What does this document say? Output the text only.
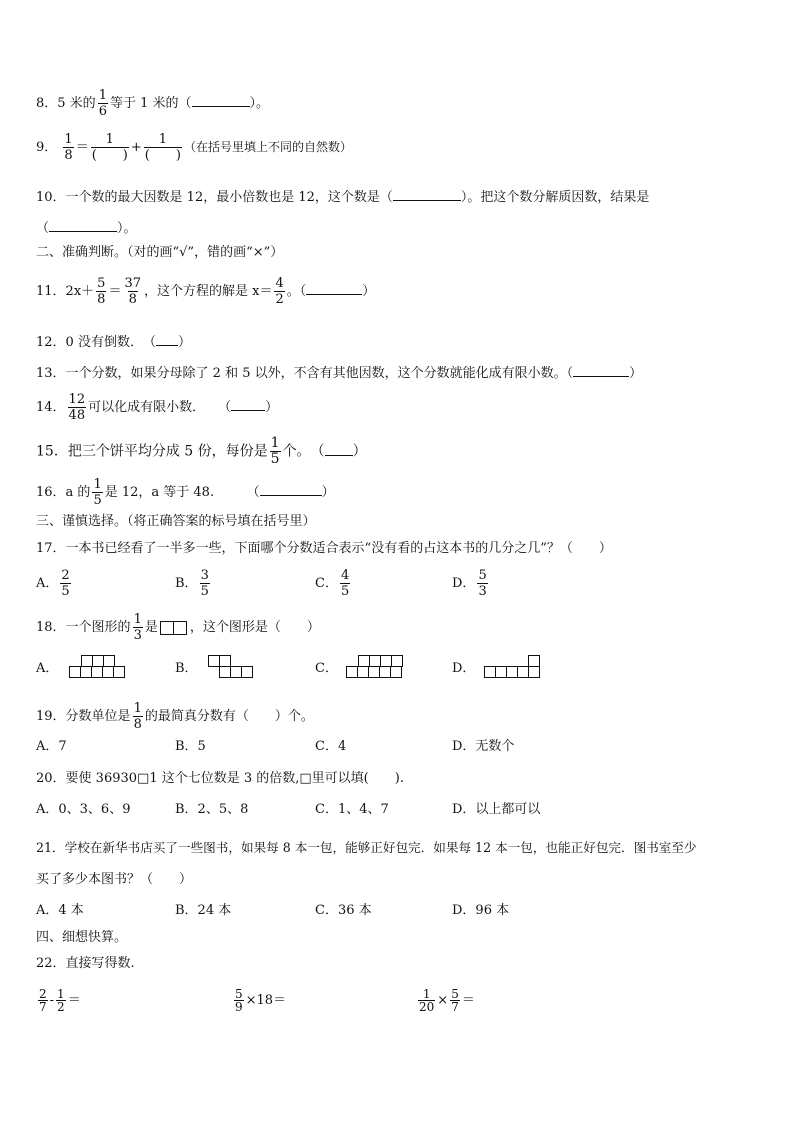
8．5 米的 $\frac{1}{6}$ 等于 1 米的（	）。
9． $\frac{1}{8} = \frac{1}{( )} + \frac{1}{( )}$ （在括号里填上不同的自然数）
10．一个数的最大因数是 12，最小倍数也是 12，这个数是（	）。把这个数分解质因数，结果是
（	）。
二、准确判断。（对的画“√”，错的画“×”）
11．$2x+ \frac{5}{8} = \frac{37}{8}$ ，这个方程的解是 $x= \frac{4}{2}$ 。（	）
12．0 没有倒数．　（ ）
13．一个分数，如果分母除了 2 和 5 以外，不含有其他因数，这个分数就能化成有限小数。（	）
14． $\frac{12}{48}$ 可以化成有限小数．　　（	）
15．把三个饼平均分成 5 份，每份是 $\frac{1}{5}$ 个。　（ ）
16．a 的 $\frac{1}{5}$ 是 12，a 等于 48.　　　（	）
三、谨慎选择。（将正确答案的标号填在括号里）
17．一本书已经看了一半多一些，下面哪个分数适合表示“没有看的占这本书的几分之几”？（　　）
A． $\frac{2}{5}$	B． $\frac{3}{5}$	C． $\frac{4}{5}$	D． $\frac{5}{3}$
18．一个图形的 $\frac{1}{3}$ 是 ，这个图形是（　　）
A．	B．	C．	D．
19．分数单位是 $\frac{1}{8}$ 的最简真分数有（　　）个。
A．7	B．5	C．4	D．无数个
20．要使 36930□1 这个七位数是 3 的倍数,□里可以填(　　).
A．0、3、6、9	B．2、5、8	C．1、4、7	D．以上都可以
21．学校在新华书店买了一些图书，如果每 8 本一包，能够正好包完．如果每 12 本一包，也能正好包完．图书室至少
买了多少本图书？（　　）
A．4 本	B．24 本	C．36 本	D．96 本
四、细想快算。
22．直接写得数.
$\frac{2}{7} - \frac{1}{2}$ ＝	$\frac{5}{9} \times 18=$	$\frac{1}{20} \times \frac{5}{7}$ ＝
